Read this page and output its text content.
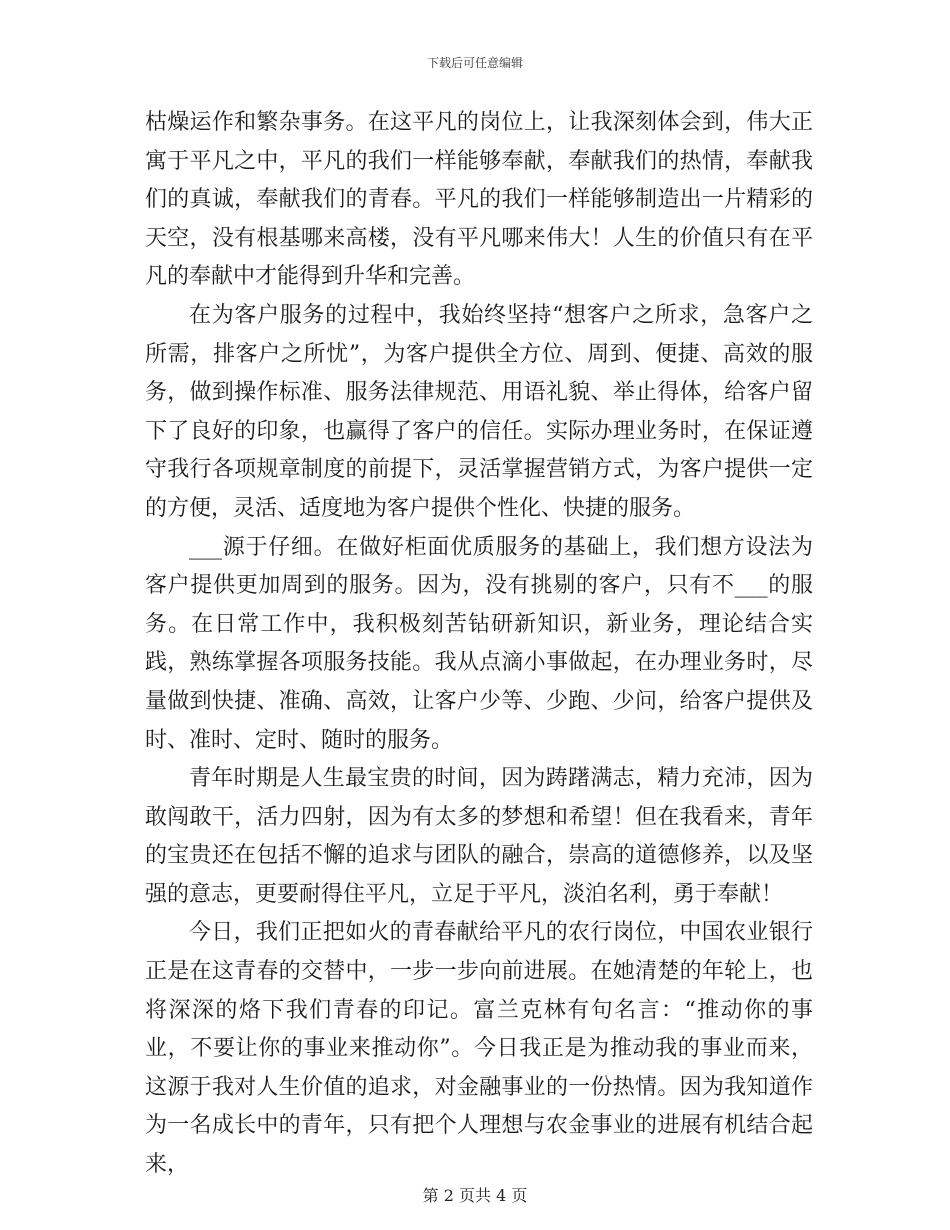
下载后可任意编辑

枯燥运作和繁杂事务。在这平凡的岗位上，让我深刻体会到，伟大正寓于平凡之中，平凡的我们一样能够奉献，奉献我们的热情，奉献我们的真诚，奉献我们的青春。平凡的我们一样能够制造出一片精彩的天空，没有根基哪来高楼，没有平凡哪来伟大！人生的价值只有在平凡的奉献中才能得到升华和完善。

在为客户服务的过程中，我始终坚持“想客户之所求，急客户之所需，排客户之所忧”，为客户提供全方位、周到、便捷、高效的服务，做到操作标准、服务法律规范、用语礼貌、举止得体，给客户留下了良好的印象，也赢得了客户的信任。实际办理业务时，在保证遵守我行各项规章制度的前提下，灵活掌握营销方式，为客户提供一定的方便，灵活、适度地为客户提供个性化、快捷的服务。

___源于仔细。在做好柜面优质服务的基础上，我们想方设法为客户提供更加周到的服务。因为，没有挑剔的客户，只有不___的服务。在日常工作中，我积极刻苦钻研新知识，新业务，理论结合实践，熟练掌握各项服务技能。我从点滴小事做起，在办理业务时，尽量做到快捷、准确、高效，让客户少等、少跑、少问，给客户提供及时、准时、定时、随时的服务。

青年时期是人生最宝贵的时间，因为踌躇满志，精力充沛，因为敢闯敢干，活力四射，因为有太多的梦想和希望！但在我看来，青年的宝贵还在包括不懈的追求与团队的融合，崇高的道德修养，以及坚强的意志，更要耐得住平凡，立足于平凡，淡泊名利，勇于奉献！

今日，我们正把如火的青春献给平凡的农行岗位，中国农业银行正是在这青春的交替中，一步一步向前进展。在她清楚的年轮上，也将深深的烙下我们青春的印记。富兰克林有句名言：“推动你的事业，不要让你的事业来推动你”。今日我正是为推动我的事业而来，这源于我对人生价值的追求，对金融事业的一份热情。因为我知道作为一名成长中的青年，只有把个人理想与农金事业的进展有机结合起来，

第 2 页共 4 页
